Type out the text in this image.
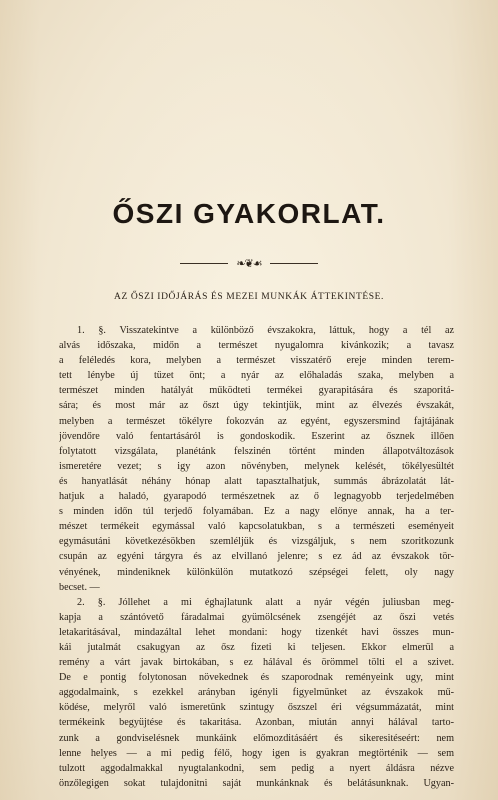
ŐSZI GYAKORLAT.
❧❦☙
AZ ŐSZI IDŐJÁRÁS ÉS MEZEI MUNKÁK ÁTTEKINTÉSE.
1. §. Visszatekintve a különböző évszakokra, láttuk, hogy a tél az
alvás időszaka, midőn a természet nyugalomra kivánkozik; a tavasz
a feléledés kora, melyben a természet visszatérő ereje minden terem-
tett lénybe új tüzet önt; a nyár az előhaladás szaka, melyben a
természet minden hatályát működteti termékei gyarapitására és szaporitá-
sára; és most már az őszt úgy tekintjük, mint az élvezés évszakát,
melyben a természet tökélyre fokozván az egyént, egyszersmind fajtájának
jövendőre való fentartásáról is gondoskodik. Eszerint az ősznek illően
folytatott vizsgálata, planétánk felszinén történt minden állapotváltozások
ismeretére vezet; s igy azon növényben, melynek kelését, tökélyesültét
és hanyatlását néhány hónap alatt tapasztalhatjuk, summás ábrázolatát lát-
hatjuk a haladó, gyarapodó természetnek az ő legnagyobb terjedelmében
s minden időn túl terjedő folyamában. Ez a nagy előnye annak, ha a ter-
mészet termékeit egymással való kapcsolatukban, s a természeti eseményeit
egymásutáni következésökben szemléljük és vizsgáljuk, s nem szoritkozunk
csupán az egyéni tárgyra és az elvillanó jelenre; s ez ád az évszakok tör-
vényének, mindeniknek különkülön mutatkozó szépségei felett, oly nagy
becset. —
2. §. Jóllehet a mi éghajlatunk alatt a nyár végén juliusban meg-
kapja a szántóvető fáradalmai gyümölcsének zsengéjét az őszi vetés
letakaritásával, mindazáltal lehet mondani: hogy tizenkét havi összes mun-
kái jutalmát csakugyan az ősz fizeti ki teljesen. Ekkor elmerül a
remény a várt javak birtokában, s ez hálával és örömmel tölti el a szivet.
De e pontig folytonosan növekednek és szaporodnak reményeink ugy, mint
aggodalmaink, s ezekkel arányban igényli figyelmünket az évszakok mű-
ködése, melyről való ismeretünk szintugy őszszel éri végsummázatát, mint
termékeink begyüjtése és takaritása. Azonban, miután annyi hálával tarto-
zunk a gondviselésnek munkáink előmozditásáért és sikeresitéseért: nem
lenne helyes — a mi pedig félő, hogy igen is gyakran megtörténik — sem
tulzott aggodalmakkal nyugtalankodni, sem pedig a nyert áldásra nézve
önzőlegigen sokat tulajdonitni saját munkánknak és belátásunknak. Ugyan-
